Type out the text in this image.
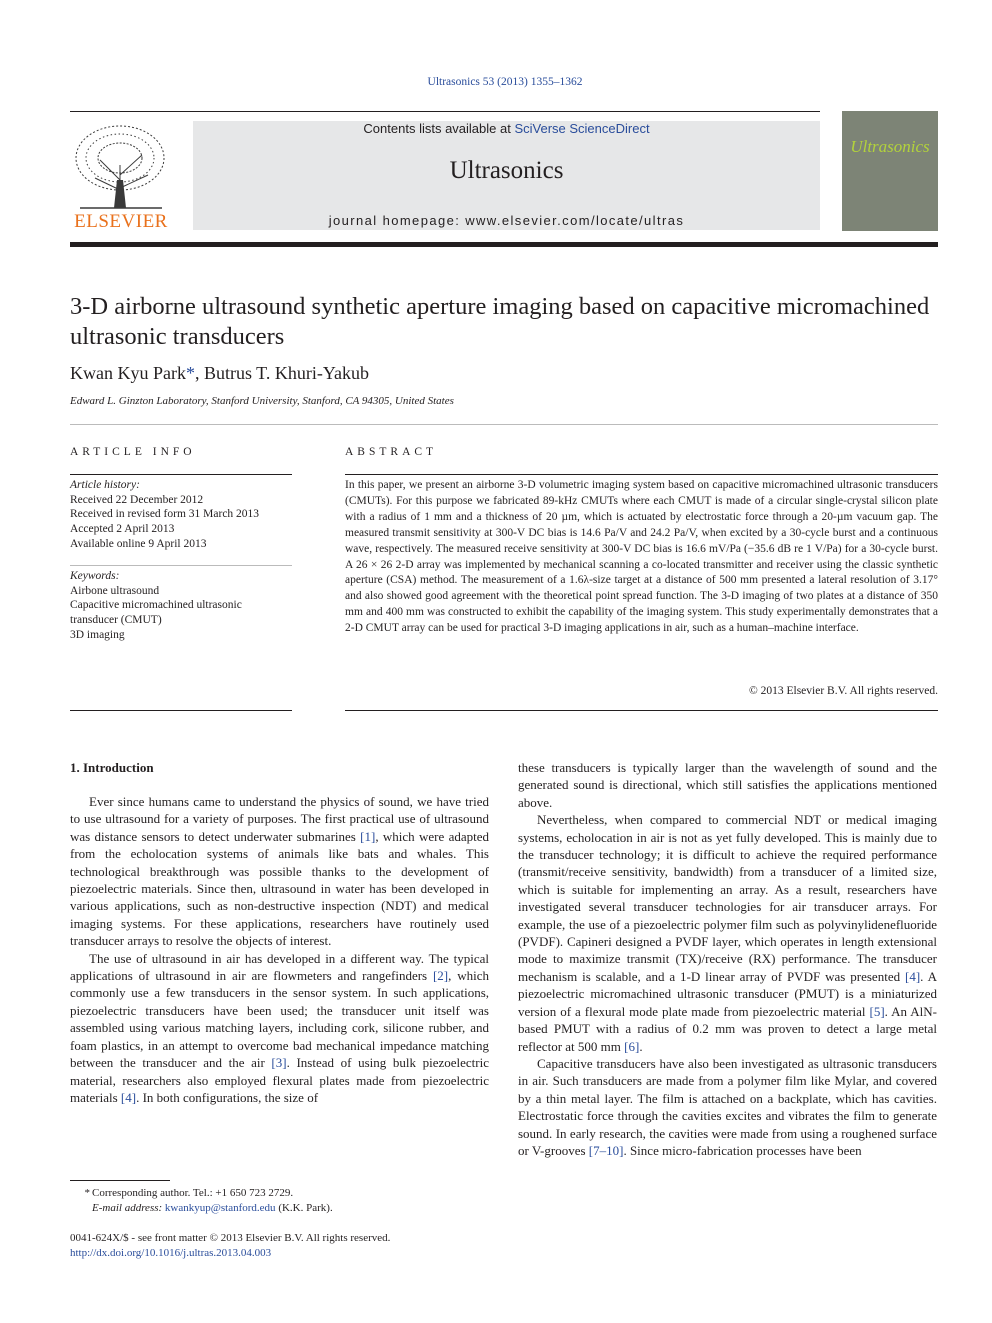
Ultrasonics 53 (2013) 1355–1362
ELSEVIER
Contents lists available at SciVerse ScienceDirect
Ultrasonics
journal homepage: www.elsevier.com/locate/ultras
Ultrasonics
3-D airborne ultrasound synthetic aperture imaging based on capacitive micromachined ultrasonic transducers
Kwan Kyu Park*, Butrus T. Khuri-Yakub
Edward L. Ginzton Laboratory, Stanford University, Stanford, CA 94305, United States
ARTICLE INFO
Article history:
Received 22 December 2012
Received in revised form 31 March 2013
Accepted 2 April 2013
Available online 9 April 2013
Keywords:
Airbone ultrasound
Capacitive micromachined ultrasonic transducer (CMUT)
3D imaging
ABSTRACT
In this paper, we present an airborne 3-D volumetric imaging system based on capacitive micromachined ultrasonic transducers (CMUTs). For this purpose we fabricated 89-kHz CMUTs where each CMUT is made of a circular single-crystal silicon plate with a radius of 1 mm and a thickness of 20 µm, which is actuated by electrostatic force through a 20-µm vacuum gap. The measured transmit sensitivity at 300-V DC bias is 14.6 Pa/V and 24.2 Pa/V, when excited by a 30-cycle burst and a continuous wave, respectively. The measured receive sensitivity at 300-V DC bias is 16.6 mV/Pa (−35.6 dB re 1 V/Pa) for a 30-cycle burst. A 26 × 26 2-D array was implemented by mechanical scanning a co-located transmitter and receiver using the classic synthetic aperture (CSA) method. The measurement of a 1.6λ-size target at a distance of 500 mm presented a lateral resolution of 3.17° and also showed good agreement with the theoretical point spread function. The 3-D imaging of two plates at a distance of 350 mm and 400 mm was constructed to exhibit the capability of the imaging system. This study experimentally demonstrates that a 2-D CMUT array can be used for practical 3-D imaging applications in air, such as a human–machine interface.
© 2013 Elsevier B.V. All rights reserved.
1. Introduction

Ever since humans came to understand the physics of sound, we have tried to use ultrasound for a variety of purposes. The first practical use of ultrasound was distance sensors to detect underwater submarines [1], which were adapted from the echolocation systems of animals like bats and whales. This technological breakthrough was possible thanks to the development of piezoelectric materials. Since then, ultrasound in water has been developed in various applications, such as non-destructive inspection (NDT) and medical imaging systems. For these applications, researchers have routinely used transducer arrays to resolve the objects of interest.

The use of ultrasound in air has developed in a different way. The typical applications of ultrasound in air are flowmeters and rangefinders [2], which commonly use a few transducers in the sensor system. In such applications, piezoelectric transducers have been used; the transducer unit itself was assembled using various matching layers, including cork, silicone rubber, and foam plastics, in an attempt to overcome bad mechanical impedance matching between the transducer and the air [3]. Instead of using bulk piezoelectric material, researchers also employed flexural plates made from piezoelectric materials [4]. In both configurations, the size of

these transducers is typically larger than the wavelength of sound and the generated sound is directional, which still satisfies the applications mentioned above.

Nevertheless, when compared to commercial NDT or medical imaging systems, echolocation in air is not as yet fully developed. This is mainly due to the transducer technology; it is difficult to achieve the required performance (transmit/receive sensitivity, bandwidth) from a transducer of a limited size, which is suitable for implementing an array. As a result, researchers have investigated several transducer technologies for air transducer arrays. For example, the use of a piezoelectric polymer film such as polyvinylidenefluoride (PVDF). Capineri designed a PVDF layer, which operates in length extensional mode to maximize transmit (TX)/receive (RX) performance. The transducer mechanism is scalable, and a 1-D linear array of PVDF was presented [4]. A piezoelectric micromachined ultrasonic transducer (PMUT) is a miniaturized version of a flexural mode plate made from piezoelectric material [5]. An AlN-based PMUT with a radius of 0.2 mm was proven to detect a large metal reflector at 500 mm [6].

Capacitive transducers have also been investigated as ultrasonic transducers in air. Such transducers are made from a polymer film like Mylar, and covered by a thin metal layer. The film is attached on a backplate, which has cavities. Electrostatic force through the cavities excites and vibrates the film to generate sound. In early research, the cavities were made from using a roughened surface or V-grooves [7–10]. Since micro-fabrication processes have been

* Corresponding author. Tel.: +1 650 723 2729.
E-mail address: kwankyup@stanford.edu (K.K. Park).
0041-624X/$ - see front matter © 2013 Elsevier B.V. All rights reserved.
http://dx.doi.org/10.1016/j.ultras.2013.04.003
